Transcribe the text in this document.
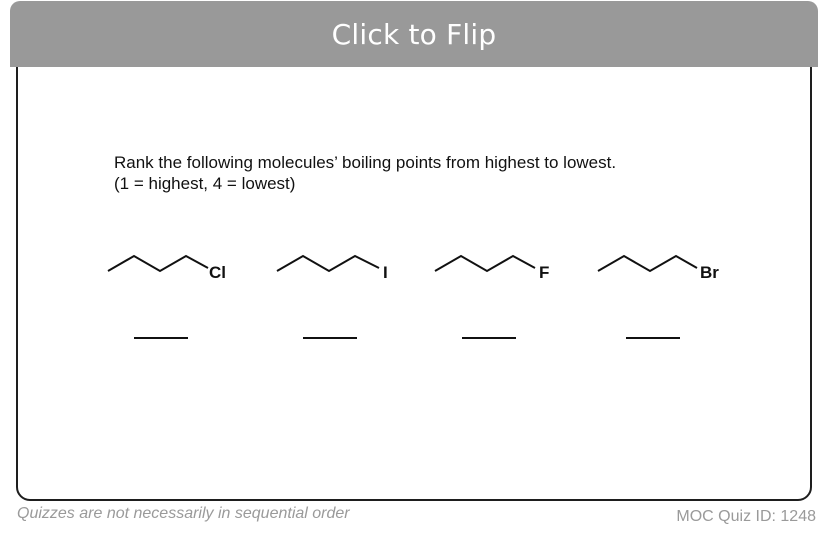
Click to Flip
Rank the following molecules’ boiling points from highest to lowest.
(1 = highest, 4 = lowest)
Cl	I	F	Br
Quizzes are not necessarily in sequential order	MOC Quiz ID: 1248
